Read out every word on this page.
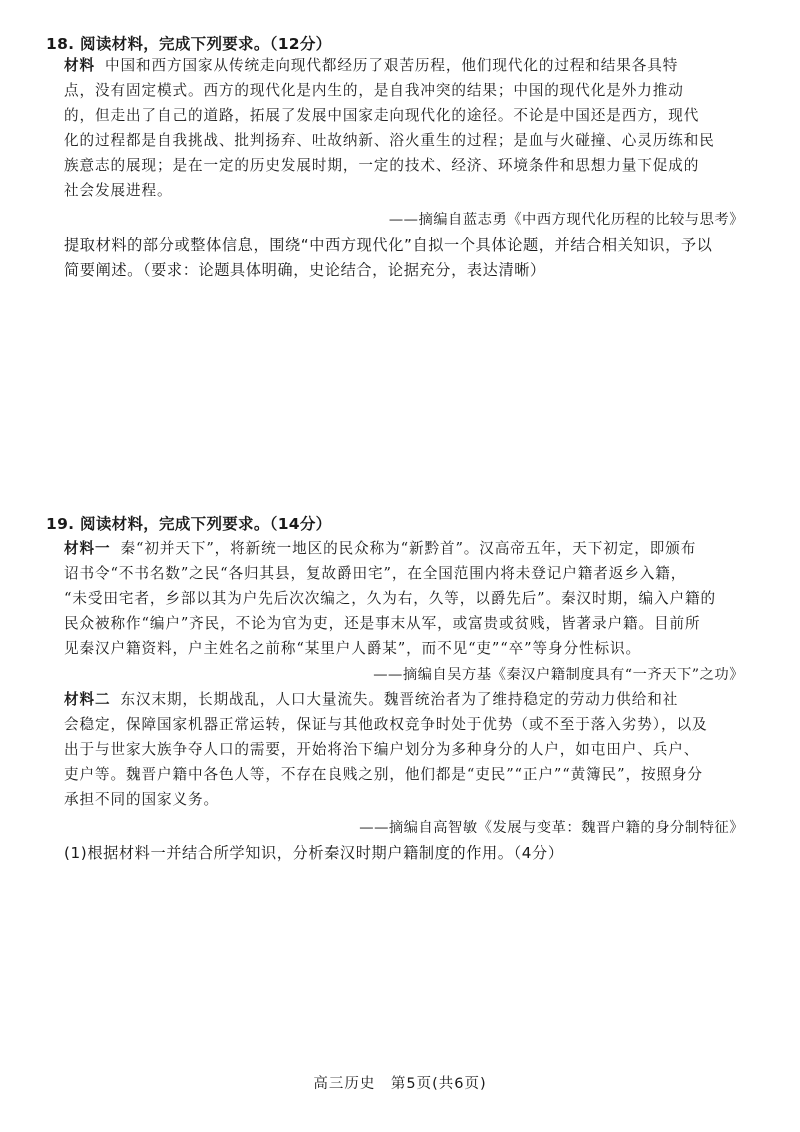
18. 阅读材料，完成下列要求。（12分）
材料 中国和西方国家从传统走向现代都经历了艰苦历程，他们现代化的过程和结果各具特
点，没有固定模式。西方的现代化是内生的，是自我冲突的结果；中国的现代化是外力推动
的，但走出了自己的道路，拓展了发展中国家走向现代化的途径。不论是中国还是西方，现代
化的过程都是自我挑战、批判扬弃、吐故纳新、浴火重生的过程；是血与火碰撞、心灵历练和民
族意志的展现；是在一定的历史发展时期，一定的技术、经济、环境条件和思想力量下促成的
社会发展进程。
——摘编自蓝志勇《中西方现代化历程的比较与思考》
提取材料的部分或整体信息，围绕“中西方现代化”自拟一个具体论题，并结合相关知识，予以
简要阐述。（要求：论题具体明确，史论结合，论据充分，表达清晰）
19. 阅读材料，完成下列要求。（14分）
材料一 秦“初并天下”，将新统一地区的民众称为“新黔首”。汉高帝五年，天下初定，即颁布
诏书令“不书名数”之民“各归其县，复故爵田宅”，在全国范围内将未登记户籍者返乡入籍，
“未受田宅者，乡部以其为户先后次次编之，久为右，久等，以爵先后”。秦汉时期，编入户籍的
民众被称作“编户”齐民，不论为官为吏，还是事末从军，或富贵或贫贱，皆著录户籍。目前所
见秦汉户籍资料，户主姓名之前称“某里户人爵某”，而不见“吏”“卒”等身分性标识。
——摘编自吴方基《秦汉户籍制度具有“一齐天下”之功》
材料二 东汉末期，长期战乱，人口大量流失。魏晋统治者为了维持稳定的劳动力供给和社
会稳定，保障国家机器正常运转，保证与其他政权竞争时处于优势（或不至于落入劣势），以及
出于与世家大族争夺人口的需要，开始将治下编户划分为多种身分的人户，如屯田户、兵户、
吏户等。魏晋户籍中各色人等，不存在良贱之别，他们都是“吏民”“正户”“黄簿民”，按照身分
承担不同的国家义务。
——摘编自高智敏《发展与变革：魏晋户籍的身分制特征》
(1)根据材料一并结合所学知识，分析秦汉时期户籍制度的作用。（4分）
高三历史　第5页(共6页)
